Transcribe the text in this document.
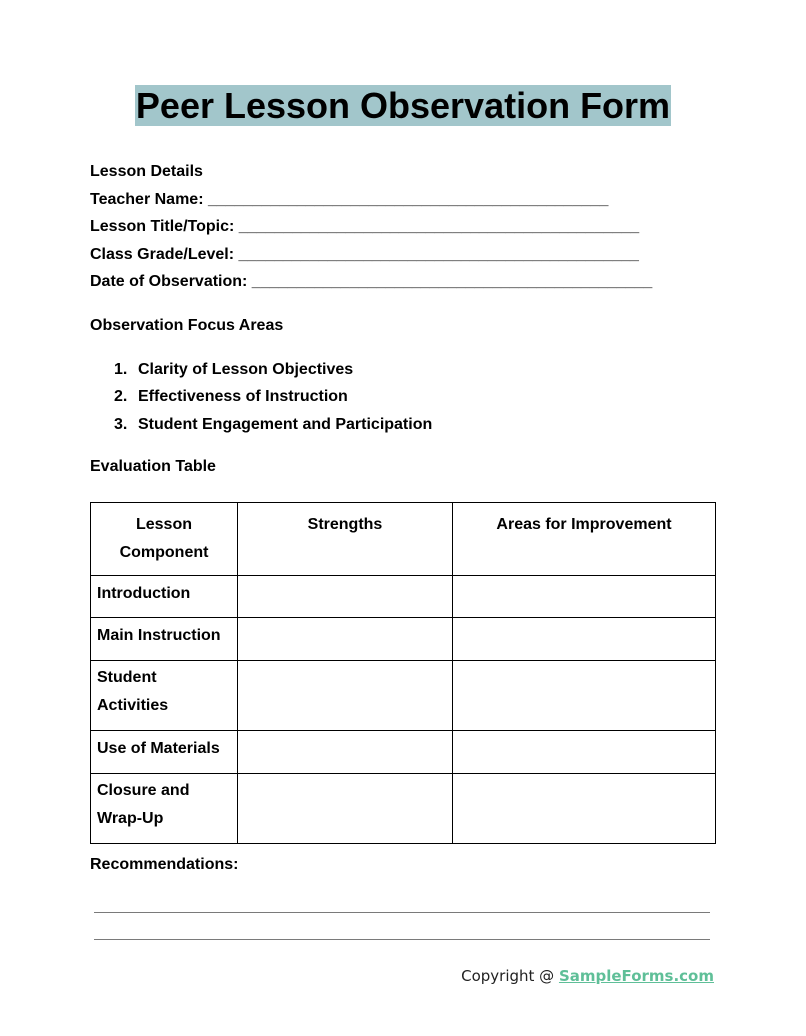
Peer Lesson Observation Form
Lesson Details
Teacher Name: _____________________________________________
Lesson Title/Topic: _____________________________________________
Class Grade/Level: _____________________________________________
Date of Observation: _____________________________________________
Observation Focus Areas
1. Clarity of Lesson Objectives
2. Effectiveness of Instruction
3. Student Engagement and Participation
Evaluation Table
Lesson Component	Strengths	Areas for Improvement
Introduction		
Main Instruction		
Student Activities		
Use of Materials		
Closure and Wrap-Up		
Recommendations:
Copyright @ SampleForms.com
